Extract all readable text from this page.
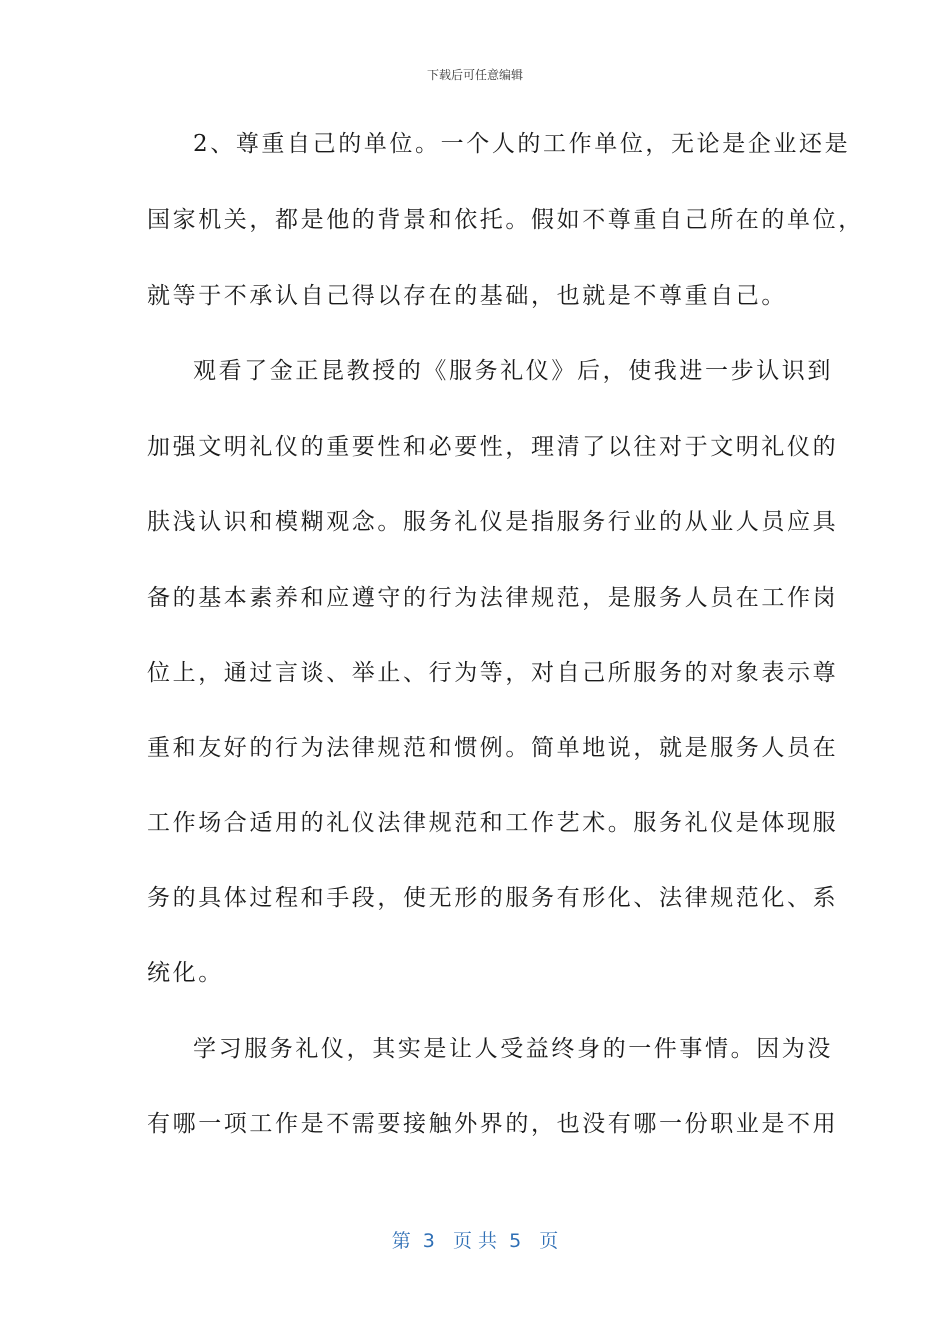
下载后可任意编辑
2、尊重自己的单位。一个人的工作单位，无论是企业还是
国家机关，都是他的背景和依托。假如不尊重自己所在的单位，
就等于不承认自己得以存在的基础，也就是不尊重自己。
观看了金正昆教授的《服务礼仪》后，使我进一步认识到
加强文明礼仪的重要性和必要性，理清了以往对于文明礼仪的
肤浅认识和模糊观念。服务礼仪是指服务行业的从业人员应具
备的基本素养和应遵守的行为法律规范，是服务人员在工作岗
位上，通过言谈、举止、行为等，对自己所服务的对象表示尊
重和友好的行为法律规范和惯例。简单地说，就是服务人员在
工作场合适用的礼仪法律规范和工作艺术。服务礼仪是体现服
务的具体过程和手段，使无形的服务有形化、法律规范化、系
统化。
学习服务礼仪，其实是让人受益终身的一件事情。因为没
有哪一项工作是不需要接触外界的，也没有哪一份职业是不用
第  3   页 共  5   页
